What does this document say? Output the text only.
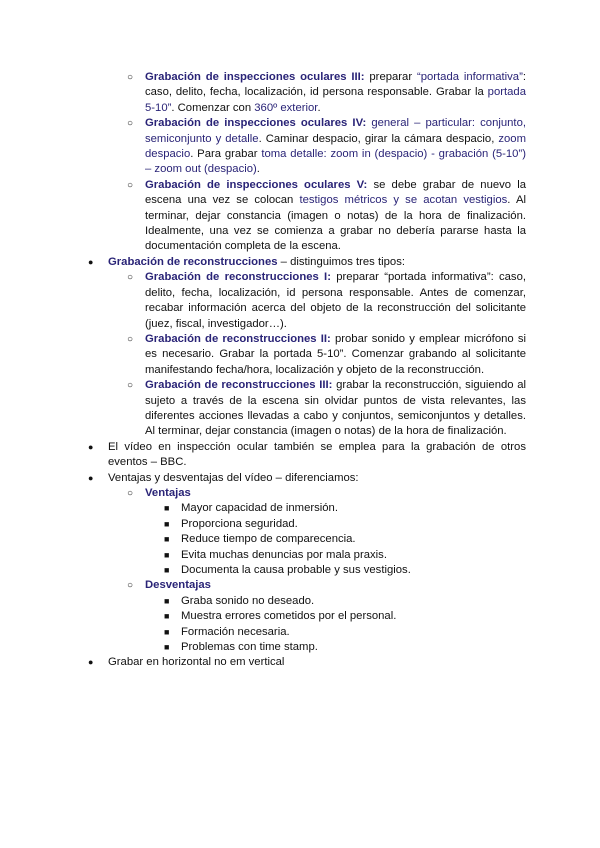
○ Grabación de inspecciones oculares III: preparar “portada informativa”: caso, delito, fecha, localización, id persona responsable. Grabar la portada 5-10”. Comenzar con 360º exterior.

○ Grabación de inspecciones oculares IV: general – particular: conjunto, semiconjunto y detalle. Caminar despacio, girar la cámara despacio, zoom despacio. Para grabar toma detalle: zoom in (despacio) - grabación (5-10”) – zoom out (despacio).

○ Grabación de inspecciones oculares V: se debe grabar de nuevo la escena una vez se colocan testigos métricos y se acotan vestigios. Al terminar, dejar constancia (imagen o notas) de la hora de finalización. Idealmente, una vez se comienza a grabar no debería pararse hasta la documentación completa de la escena.

● Grabación de reconstrucciones – distinguimos tres tipos:

○ Grabación de reconstrucciones I: preparar “portada informativa”: caso, delito, fecha, localización, id persona responsable. Antes de comenzar, recabar información acerca del objeto de la reconstrucción del solicitante (juez, fiscal, investigador…).

○ Grabación de reconstrucciones II: probar sonido y emplear micrófono si es necesario. Grabar la portada 5-10”. Comenzar grabando al solicitante manifestando fecha/hora, localización y objeto de la reconstrucción.

○ Grabación de reconstrucciones III: grabar la reconstrucción, siguiendo al sujeto a través de la escena sin olvidar puntos de vista relevantes, las diferentes acciones llevadas a cabo y conjuntos, semiconjuntos y detalles. Al terminar, dejar constancia (imagen o notas) de la hora de finalización.

● El vídeo en inspección ocular también se emplea para la grabación de otros eventos – BBC.

● Ventajas y desventajas del vídeo – diferenciamos:

○ Ventajas

■ Mayor capacidad de inmersión.

■ Proporciona seguridad.

■ Reduce tiempo de comparecencia.

■ Evita muchas denuncias por mala praxis.

■ Documenta la causa probable y sus vestigios.

○ Desventajas

■ Graba sonido no deseado.

■ Muestra errores cometidos por el personal.

■ Formación necesaria.

■ Problemas con time stamp.

● Grabar en horizontal no em vertical
